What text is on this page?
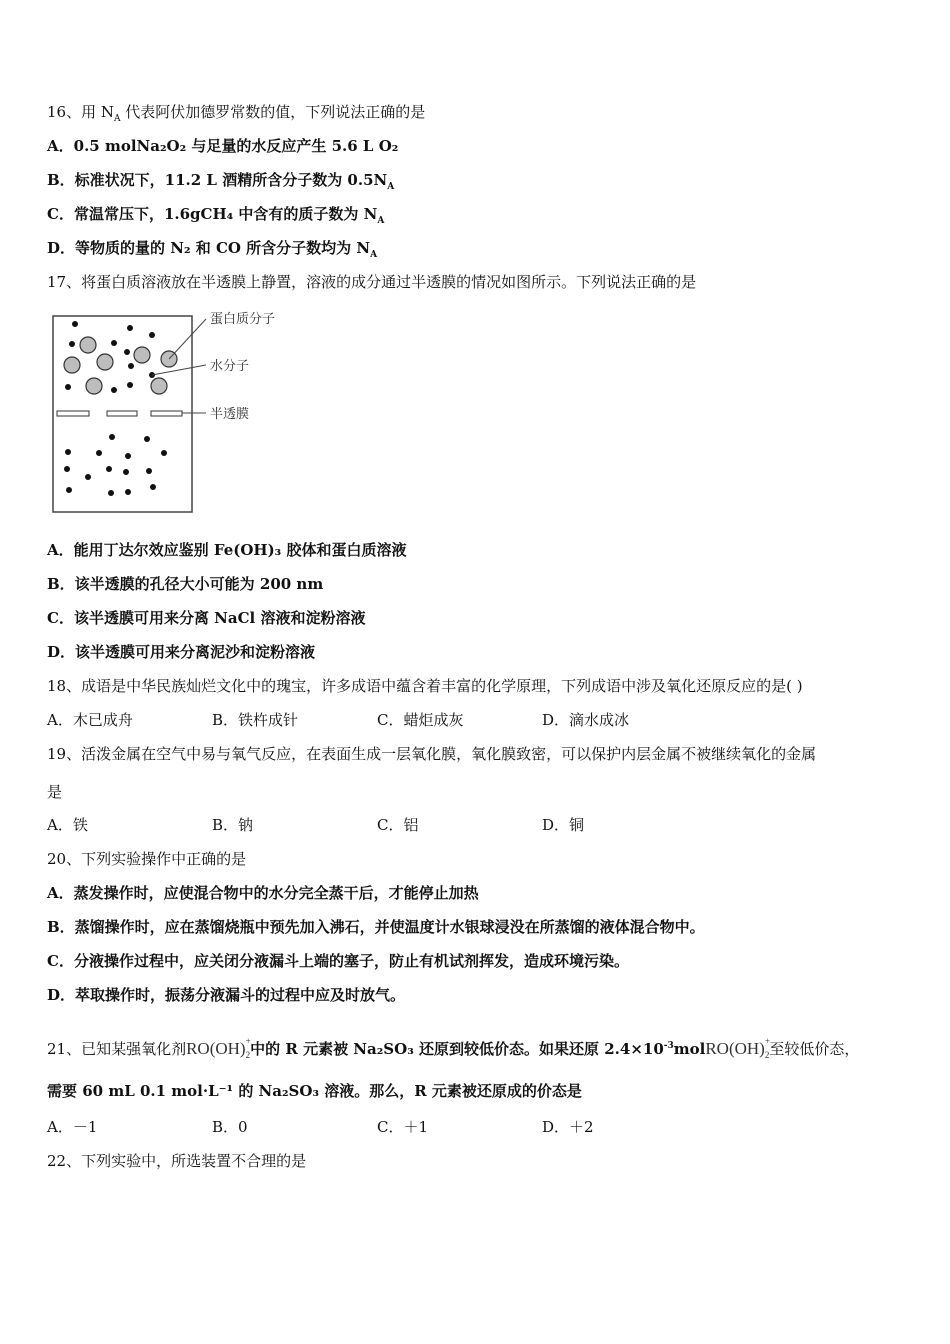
16、用 $N_A$ 代表阿伏加德罗常数的值，下列说法正确的是
A．0.5 molNa₂O₂ 与足量的水反应产生 5.6 L O₂
B．标准状况下，11.2 L 酒精所含分子数为 $0.5N_A$
C．常温常压下，1.6gCH₄ 中含有的质子数为 $N_A$
D．等物质的量的 N₂ 和 CO 所含分子数均为 $N_A$
17、将蛋白质溶液放在半透膜上静置，溶液的成分通过半透膜的情况如图所示。下列说法正确的是
蛋白质分子
水分子
半透膜
A．能用丁达尔效应鉴别 Fe(OH)₃ 胶体和蛋白质溶液
B．该半透膜的孔径大小可能为 200 nm
C．该半透膜可用来分离 NaCl 溶液和淀粉溶液
D．该半透膜可用来分离泥沙和淀粉溶液
18、成语是中华民族灿烂文化中的瑰宝，许多成语中蕴含着丰富的化学原理，下列成语中涉及氧化还原反应的是( )
A．木已成舟	B．铁杵成针	C．蜡炬成灰	D．滴水成冰
19、活泼金属在空气中易与氧气反应，在表面生成一层氧化膜，氧化膜致密，可以保护内层金属不被继续氧化的金属
是
A．铁	B．钠	C．铝	D．铜
20、下列实验操作中正确的是
A．蒸发操作时，应使混合物中的水分完全蒸干后，才能停止加热
B．蒸馏操作时，应在蒸馏烧瓶中预先加入沸石，并使温度计水银球浸没在所蒸馏的液体混合物中。
C．分液操作过程中，应关闭分液漏斗上端的塞子，防止有机试剂挥发，造成环境污染。
D．萃取操作时，振荡分液漏斗的过程中应及时放气。
21、已知某强氧化剂$RO(OH)^+_2$中的 R 元素被 Na₂SO₃ 还原到较低价态。如果还原 $2.4\times 10^{-3}molRO(OH)^+_2$至较低价态，
需要 60 mL 0.1 mol·L⁻¹ 的 Na₂SO₃ 溶液。那么，R 元素被还原成的价态是
A．－1	B．0	C．＋1	D．＋2
22、下列实验中，所选装置不合理的是
